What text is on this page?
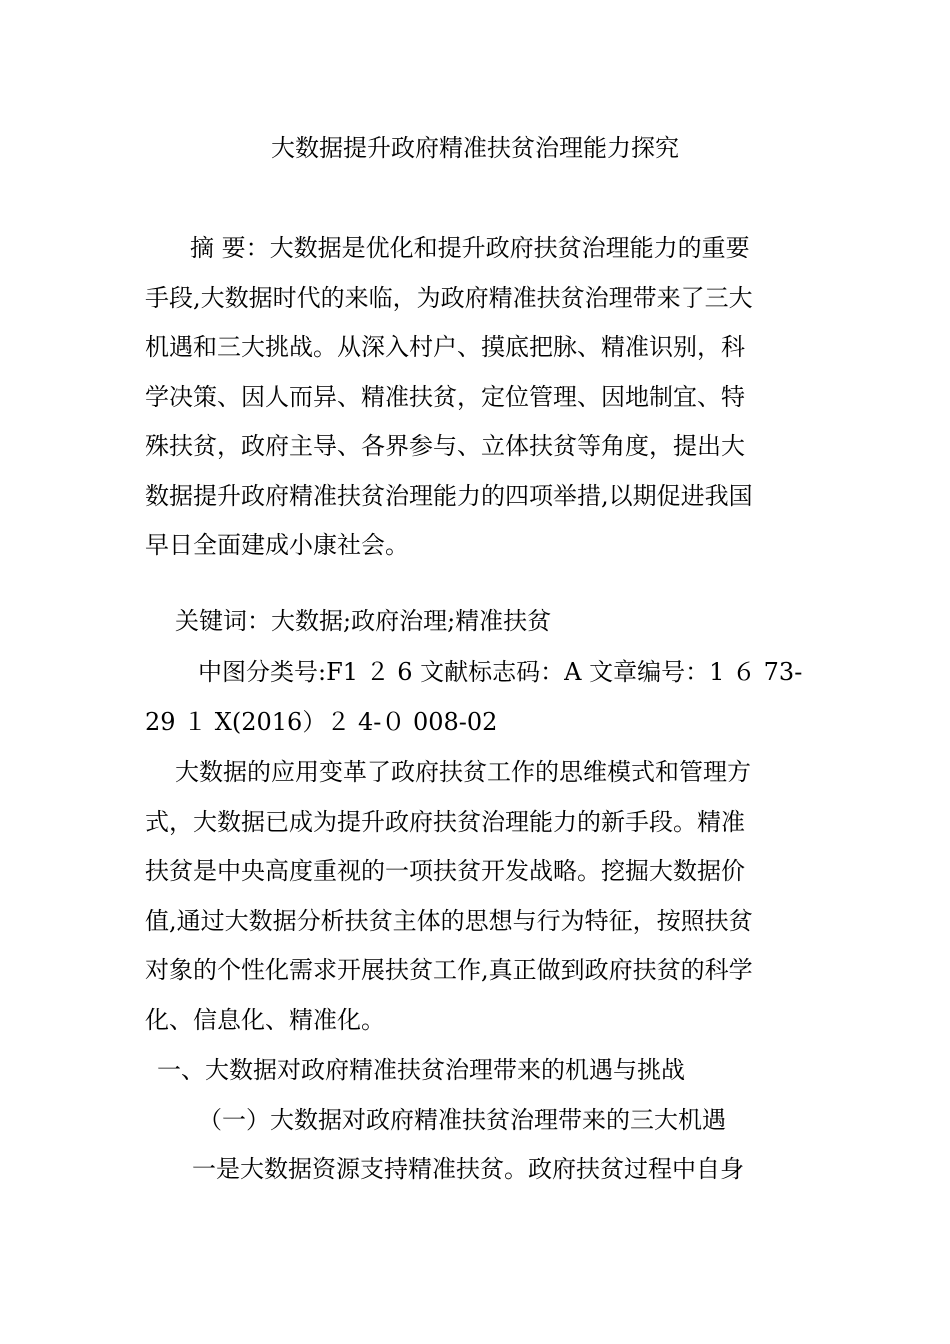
大数据提升政府精准扶贫治理能力探究
摘 要：大数据是优化和提升政府扶贫治理能力的重要
手段,大数据时代的来临，为政府精准扶贫治理带来了三大
机遇和三大挑战。从深入村户、摸底把脉、精准识别，科
学决策、因人而异、精准扶贫，定位管理、因地制宜、特
殊扶贫，政府主导、各界参与、立体扶贫等角度，提出大
数据提升政府精准扶贫治理能力的四项举措,以期促进我国
早日全面建成小康社会。
关键词：大数据;政府治理;精准扶贫
中图分类号:F1 ２ 6 文献标志码：A 文章编号：1 ６ 73-
29 １ X(2016）２ 4-０ 008-02
大数据的应用变革了政府扶贫工作的思维模式和管理方
式，大数据已成为提升政府扶贫治理能力的新手段。精准
扶贫是中央高度重视的一项扶贫开发战略。挖掘大数据价
值,通过大数据分析扶贫主体的思想与行为特征，按照扶贫
对象的个性化需求开展扶贫工作,真正做到政府扶贫的科学
化、信息化、精准化。
一、大数据对政府精准扶贫治理带来的机遇与挑战
（一）大数据对政府精准扶贫治理带来的三大机遇
一是大数据资源支持精准扶贫。政府扶贫过程中自身
